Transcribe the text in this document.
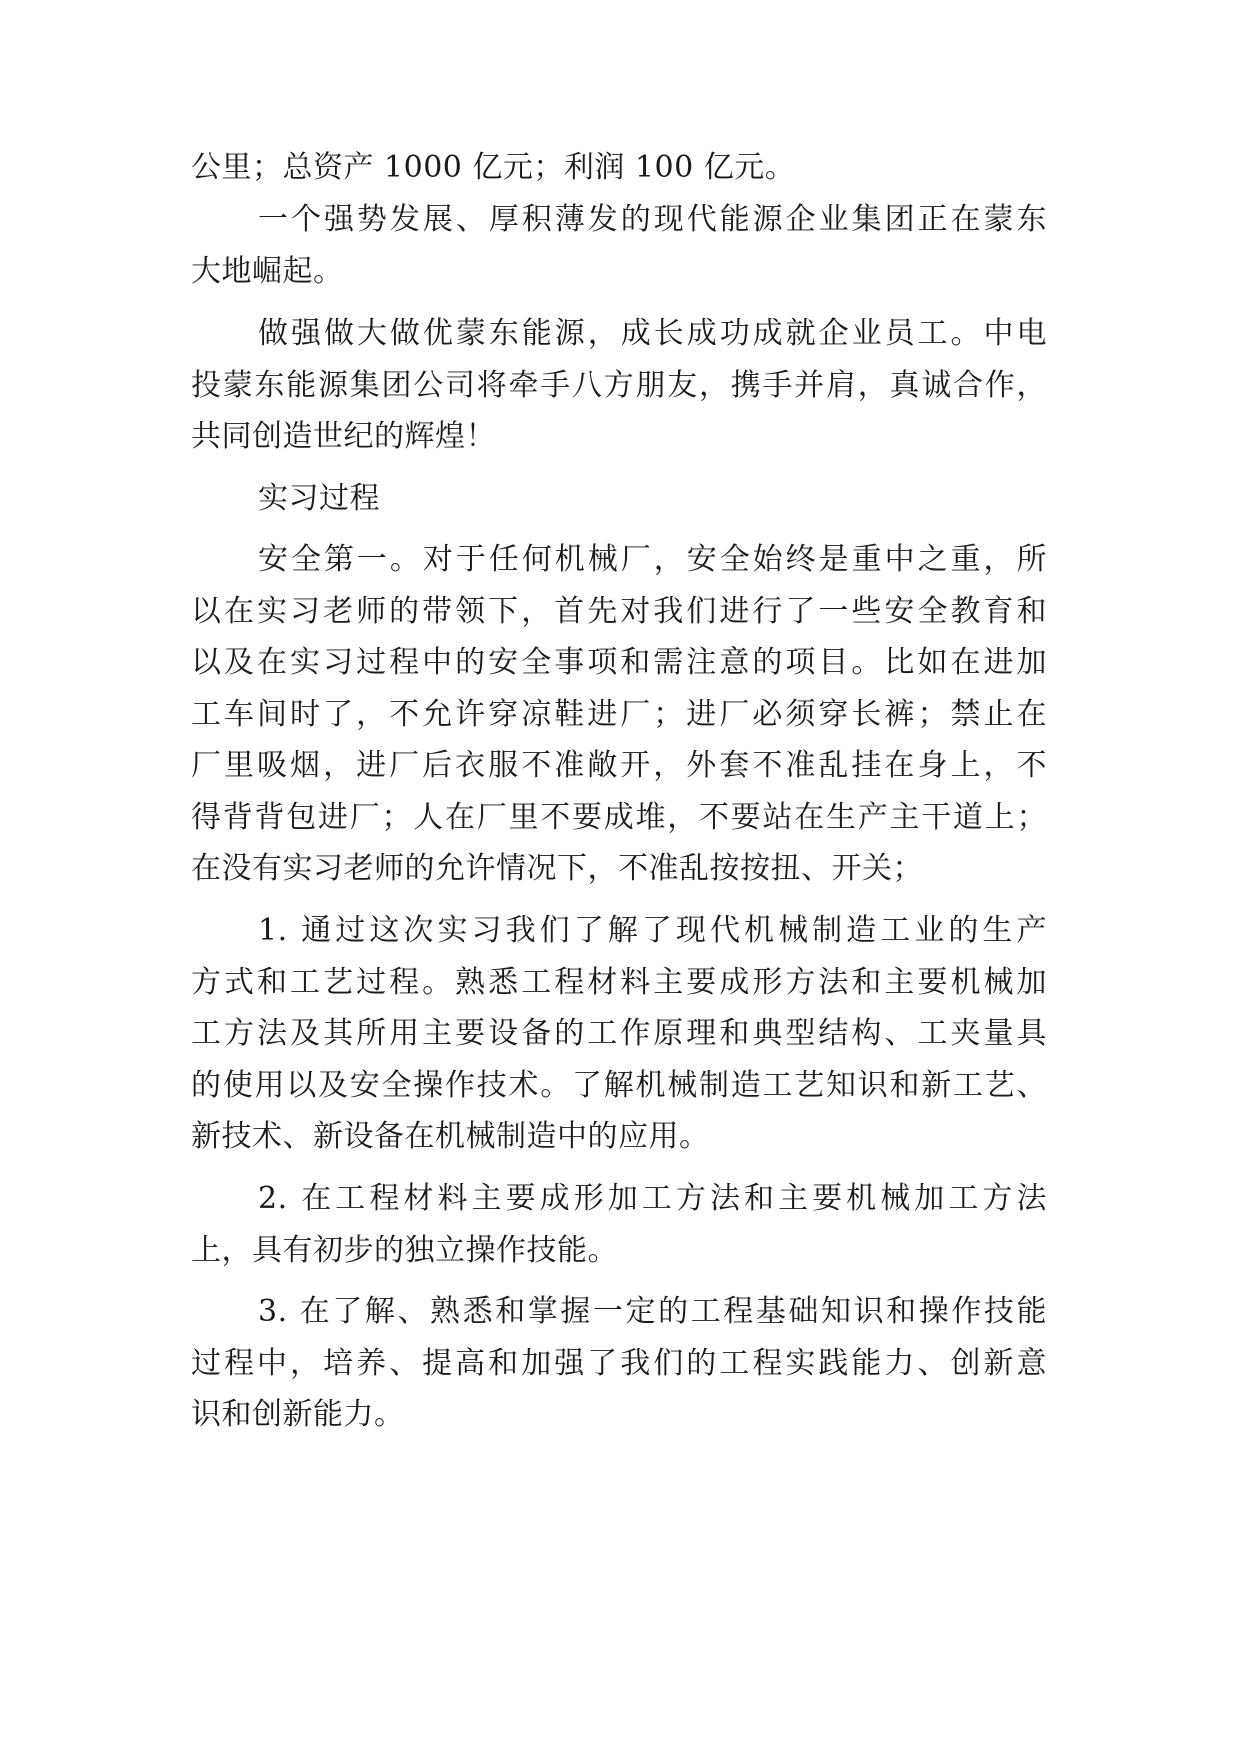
公里；总资产 1000 亿元；利润 100 亿元。
一个强势发展、厚积薄发的现代能源企业集团正在蒙东
大地崛起。
做强做大做优蒙东能源，成长成功成就企业员工。中电
投蒙东能源集团公司将牵手八方朋友，携手并肩，真诚合作，
共同创造世纪的辉煌！
实习过程
安全第一。对于任何机械厂，安全始终是重中之重，所
以在实习老师的带领下，首先对我们进行了一些安全教育和
以及在实习过程中的安全事项和需注意的项目。比如在进加
工车间时了，不允许穿凉鞋进厂；进厂必须穿长裤；禁止在
厂里吸烟，进厂后衣服不准敞开，外套不准乱挂在身上，不
得背背包进厂；人在厂里不要成堆，不要站在生产主干道上；
在没有实习老师的允许情况下，不准乱按按扭、开关；
1. 通过这次实习我们了解了现代机械制造工业的生产
方式和工艺过程。熟悉工程材料主要成形方法和主要机械加
工方法及其所用主要设备的工作原理和典型结构、工夹量具
的使用以及安全操作技术。了解机械制造工艺知识和新工艺、
新技术、新设备在机械制造中的应用。
2. 在工程材料主要成形加工方法和主要机械加工方法
上，具有初步的独立操作技能。
3. 在了解、熟悉和掌握一定的工程基础知识和操作技能
过程中，培养、提高和加强了我们的工程实践能力、创新意
识和创新能力。
